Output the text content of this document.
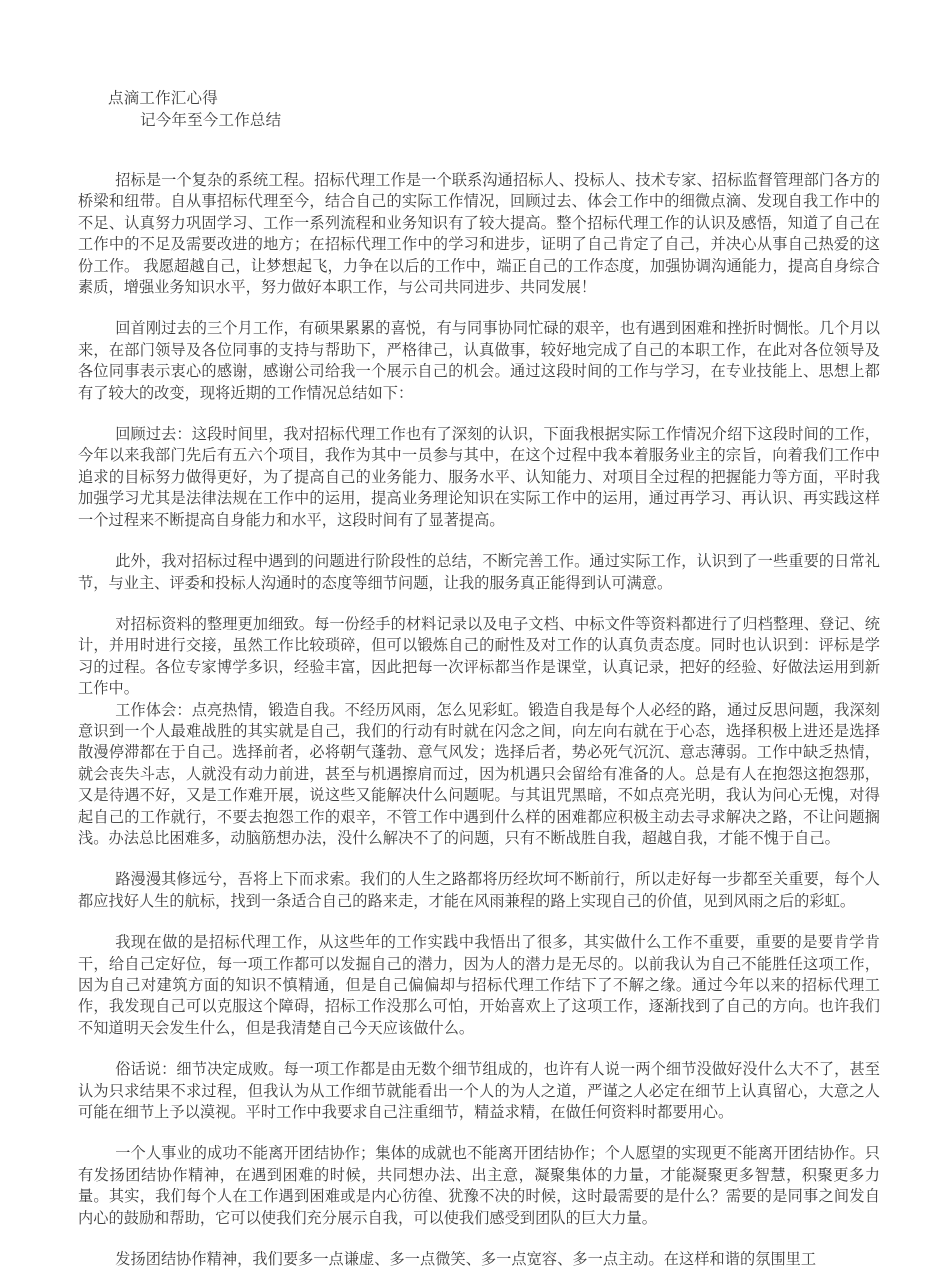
点滴工作汇心得
记今年至今工作总结

招标是一个复杂的系统工程。招标代理工作是一个联系沟通招标人、投标人、技术专家、招标监督管理部门各方的桥梁和纽带。自从事招标代理至今，结合自己的实际工作情况，回顾过去、体会工作中的细微点滴、发现自我工作中的不足、认真努力巩固学习、工作一系列流程和业务知识有了较大提高。整个招标代理工作的认识及感悟，知道了自己在工作中的不足及需要改进的地方；在招标代理工作中的学习和进步，证明了自己肯定了自己，并决心从事自己热爱的这份工作。 我愿超越自己，让梦想起飞，力争在以后的工作中，端正自己的工作态度，加强协调沟通能力，提高自身综合素质，增强业务知识水平，努力做好本职工作，与公司共同进步、共同发展！

回首刚过去的三个月工作，有硕果累累的喜悦，有与同事协同忙碌的艰辛，也有遇到困难和挫折时惆怅。几个月以来，在部门领导及各位同事的支持与帮助下，严格律己，认真做事，较好地完成了自己的本职工作，在此对各位领导及各位同事表示衷心的感谢，感谢公司给我一个展示自己的机会。通过这段时间的工作与学习，在专业技能上、思想上都有了较大的改变，现将近期的工作情况总结如下：

回顾过去：这段时间里，我对招标代理工作也有了深刻的认识，下面我根据实际工作情况介绍下这段时间的工作，今年以来我部门先后有五六个项目，我作为其中一员参与其中，在这个过程中我本着服务业主的宗旨，向着我们工作中追求的目标努力做得更好，为了提高自己的业务能力、服务水平、认知能力、对项目全过程的把握能力等方面，平时我加强学习尤其是法律法规在工作中的运用，提高业务理论知识在实际工作中的运用，通过再学习、再认识、再实践这样一个过程来不断提高自身能力和水平，这段时间有了显著提高。

此外，我对招标过程中遇到的问题进行阶段性的总结，不断完善工作。通过实际工作，认识到了一些重要的日常礼节，与业主、评委和投标人沟通时的态度等细节问题，让我的服务真正能得到认可满意。

对招标资料的整理更加细致。每一份经手的材料记录以及电子文档、中标文件等资料都进行了归档整理、登记、统计，并用时进行交接，虽然工作比较琐碎，但可以锻炼自己的耐性及对工作的认真负责态度。同时也认识到：评标是学习的过程。各位专家博学多识，经验丰富，因此把每一次评标都当作是课堂，认真记录，把好的经验、好做法运用到新工作中。

工作体会：点亮热情，锻造自我。不经历风雨，怎么见彩虹。锻造自我是每个人必经的路，通过反思问题，我深刻意识到一个人最难战胜的其实就是自己，我们的行动有时就在闪念之间，向左向右就在于心态，选择积极上进还是选择散漫停滞都在于自己。选择前者，必将朝气蓬勃、意气风发；选择后者，势必死气沉沉、意志薄弱。工作中缺乏热情，就会丧失斗志，人就没有动力前进，甚至与机遇擦肩而过，因为机遇只会留给有准备的人。总是有人在抱怨这抱怨那，又是待遇不好，又是工作难开展，说这些又能解决什么问题呢。与其诅咒黑暗，不如点亮光明，我认为问心无愧，对得起自己的工作就行，不要去抱怨工作的艰辛，不管工作中遇到什么样的困难都应积极主动去寻求解决之路，不让问题搁浅。办法总比困难多，动脑筋想办法，没什么解决不了的问题，只有不断战胜自我，超越自我，才能不愧于自己。

路漫漫其修远兮，吾将上下而求索。我们的人生之路都将历经坎坷不断前行，所以走好每一步都至关重要，每个人都应找好人生的航标，找到一条适合自己的路来走，才能在风雨兼程的路上实现自己的价值，见到风雨之后的彩虹。

我现在做的是招标代理工作，从这些年的工作实践中我悟出了很多，其实做什么工作不重要，重要的是要肯学肯干，给自己定好位，每一项工作都可以发掘自己的潜力，因为人的潜力是无尽的。以前我认为自己不能胜任这项工作，因为自己对建筑方面的知识不慎精通，但是自己偏偏却与招标代理工作结下了不解之缘。通过今年以来的招标代理工作，我发现自己可以克服这个障碍，招标工作没那么可怕，开始喜欢上了这项工作，逐渐找到了自己的方向。也许我们不知道明天会发生什么，但是我清楚自己今天应该做什么。

俗话说：细节决定成败。每一项工作都是由无数个细节组成的，也许有人说一两个细节没做好没什么大不了，甚至认为只求结果不求过程，但我认为从工作细节就能看出一个人的为人之道，严谨之人必定在细节上认真留心，大意之人可能在细节上予以漠视。平时工作中我要求自己注重细节，精益求精，在做任何资料时都要用心。

一个人事业的成功不能离开团结协作；集体的成就也不能离开团结协作；个人愿望的实现更不能离开团结协作。只有发扬团结协作精神，在遇到困难的时候，共同想办法、出主意，凝聚集体的力量，才能凝聚更多智慧，积聚更多力量。其实，我们每个人在工作遇到困难或是内心彷徨、犹豫不决的时候，这时最需要的是什么？需要的是同事之间发自内心的鼓励和帮助，它可以使我们充分展示自我，可以使我们感受到团队的巨大力量。

发扬团结协作精神，我们要多一点谦虚、多一点微笑、多一点宽容、多一点主动。在这样和谐的氛围里工
